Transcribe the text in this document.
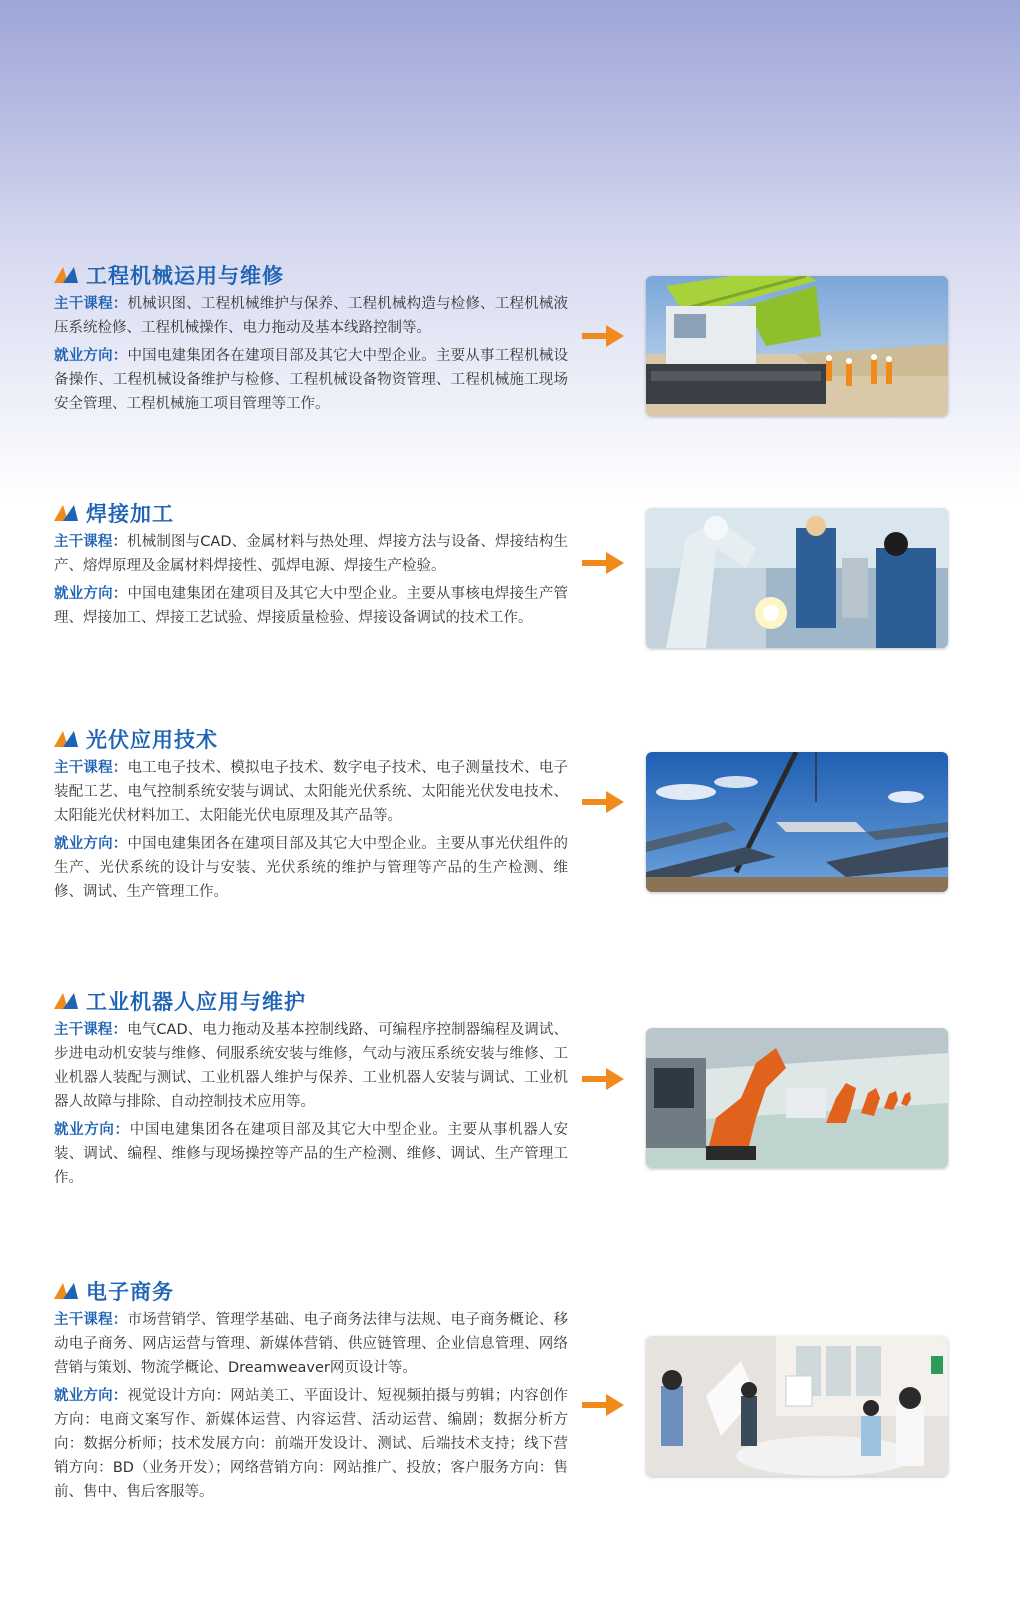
工程机械运用与维修

主干课程：机械识图、工程机械维护与保养、工程机械构造与检修、工程机械液压系统检修、工程机械操作、电力拖动及基本线路控制等。

就业方向：中国电建集团各在建项目部及其它大中型企业。主要从事工程机械设备操作、工程机械设备维护与检修、工程机械设备物资管理、工程机械施工现场安全管理、工程机械施工项目管理等工作。

焊接加工

主干课程：机械制图与CAD、金属材料与热处理、焊接方法与设备、焊接结构生产、熔焊原理及金属材料焊接性、弧焊电源、焊接生产检验。

就业方向：中国电建集团在建项目及其它大中型企业。主要从事核电焊接生产管理、焊接加工、焊接工艺试验、焊接质量检验、焊接设备调试的技术工作。

光伏应用技术

主干课程：电工电子技术、模拟电子技术、数字电子技术、电子测量技术、电子装配工艺、电气控制系统安装与调试、太阳能光伏系统、太阳能光伏发电技术、太阳能光伏材料加工、太阳能光伏电原理及其产品等。

就业方向：中国电建集团各在建项目部及其它大中型企业。主要从事光伏组件的生产、光伏系统的设计与安装、光伏系统的维护与管理等产品的生产检测、维修、调试、生产管理工作。

工业机器人应用与维护

主干课程：电气CAD、电力拖动及基本控制线路、可编程序控制器编程及调试、步进电动机安装与维修、伺服系统安装与维修，气动与液压系统安装与维修、工业机器人装配与测试、工业机器人维护与保养、工业机器人安装与调试、工业机器人故障与排除、自动控制技术应用等。

就业方向：中国电建集团各在建项目部及其它大中型企业。主要从事机器人安装、调试、编程、维修与现场操控等产品的生产检测、维修、调试、生产管理工作。

电子商务

主干课程：市场营销学、管理学基础、电子商务法律与法规、电子商务概论、移动电子商务、网店运营与管理、新媒体营销、供应链管理、企业信息管理、网络营销与策划、物流学概论、Dreamweaver网页设计等。

就业方向：视觉设计方向：网站美工、平面设计、短视频拍摄与剪辑；内容创作方向：电商文案写作、新媒体运营、内容运营、活动运营、编剧；数据分析方向：数据分析师；技术发展方向：前端开发设计、测试、后端技术支持；线下营销方向：BD（业务开发）；网络营销方向：网站推广、投放；客户服务方向：售前、售中、售后客服等。
